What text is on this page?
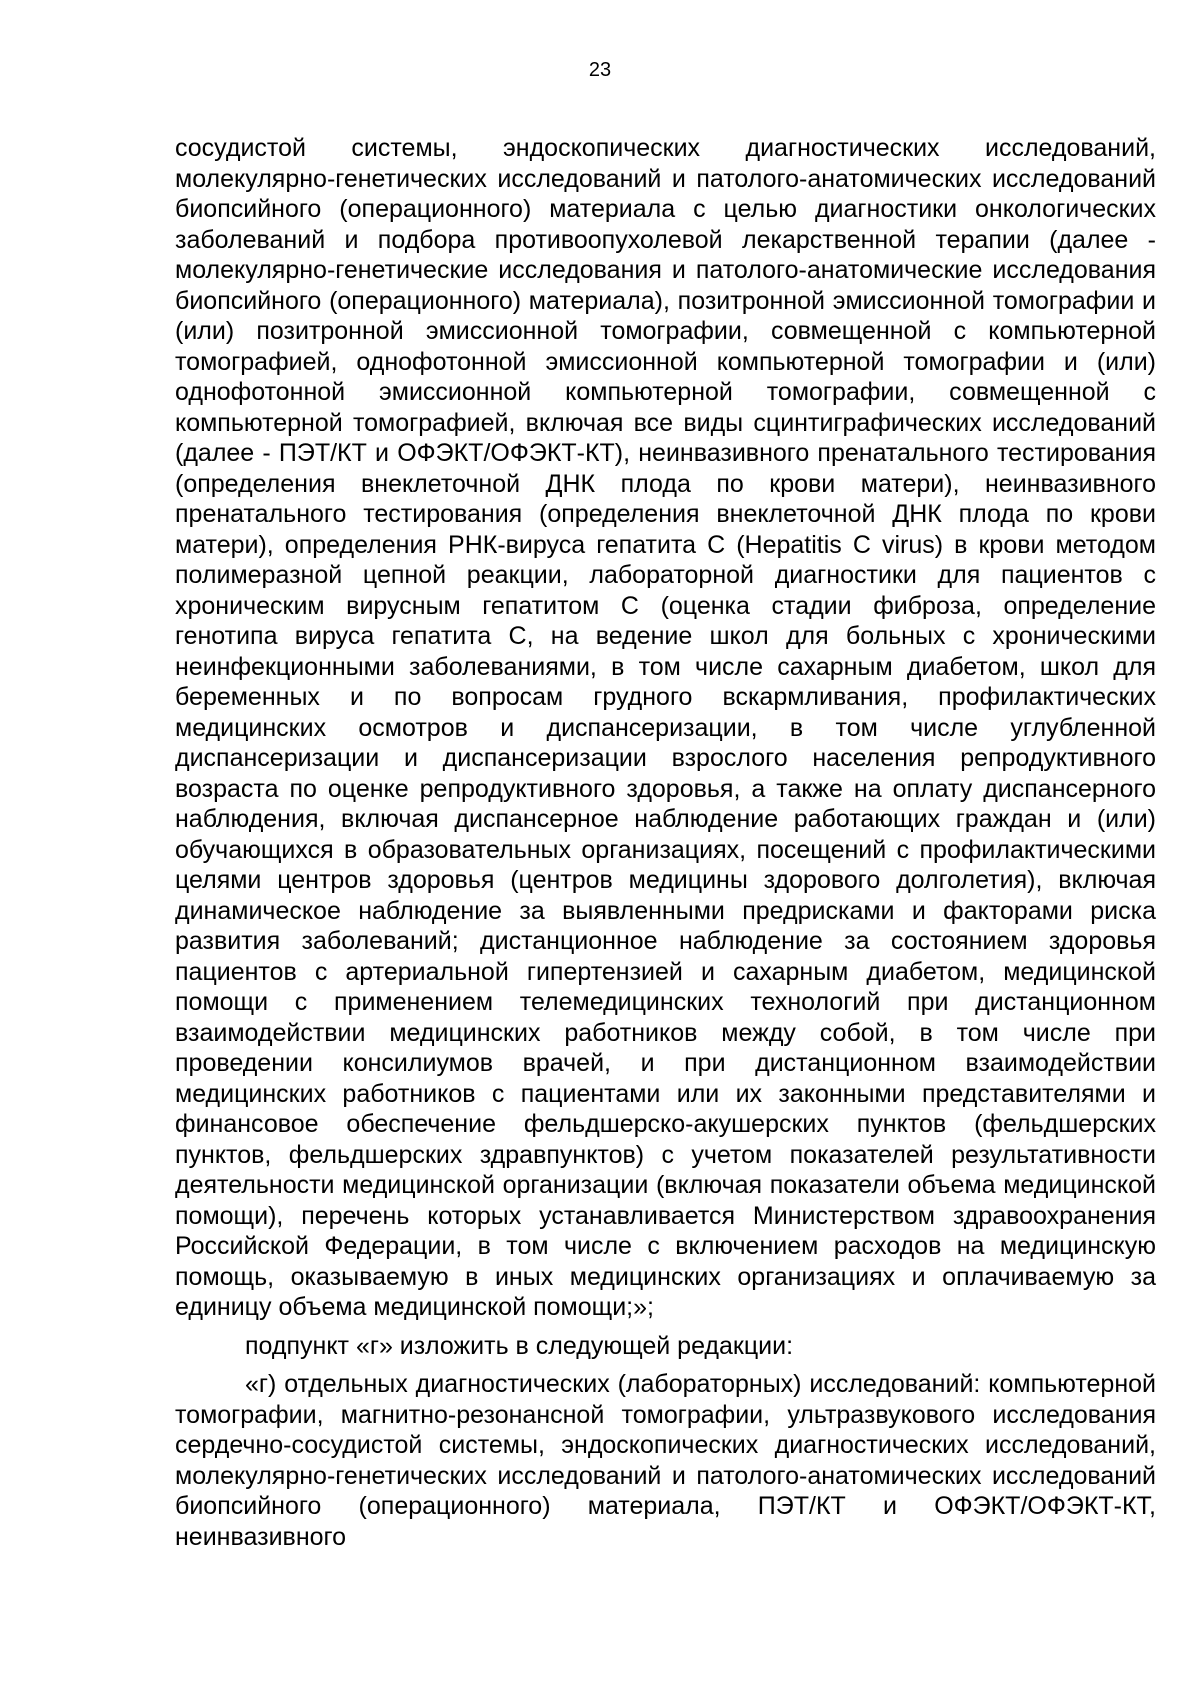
23

сосудистой системы, эндоскопических диагностических исследований, молекулярно-генетических исследований и патолого-анатомических исследований биопсийного (операционного) материала с целью диагностики онкологических заболеваний и подбора противоопухолевой лекарственной терапии (далее - молекулярно-генетические исследования и патолого-анатомические исследования биопсийного (операционного) материала), позитронной эмиссионной томографии и (или) позитронной эмиссионной томографии, совмещенной с компьютерной томографией, однофотонной эмиссионной компьютерной томографии и (или) однофотонной эмиссионной компьютерной томографии, совмещенной с компьютерной томографией, включая все виды сцинтиграфических исследований (далее - ПЭТ/КТ и ОФЭКТ/ОФЭКТ-КТ), неинвазивного пренатального тестирования (определения внеклеточной ДНК плода по крови матери), неинвазивного пренатального тестирования (определения внеклеточной ДНК плода по крови матери), определения РНК-вируса гепатита C (Hepatitis C virus) в крови методом полимеразной цепной реакции, лабораторной диагностики для пациентов с хроническим вирусным гепатитом C (оценка стадии фиброза, определение генотипа вируса гепатита C, на ведение школ для больных с хроническими неинфекционными заболеваниями, в том числе сахарным диабетом, школ для беременных и по вопросам грудного вскармливания, профилактических медицинских осмотров и диспансеризации, в том числе углубленной диспансеризации и диспансеризации взрослого населения репродуктивного возраста по оценке репродуктивного здоровья, а также на оплату диспансерного наблюдения, включая диспансерное наблюдение работающих граждан и (или) обучающихся в образовательных организациях, посещений с профилактическими целями центров здоровья (центров медицины здорового долголетия), включая динамическое наблюдение за выявленными предрисками и факторами риска развития заболеваний; дистанционное наблюдение за состоянием здоровья пациентов с артериальной гипертензией и сахарным диабетом, медицинской помощи с применением телемедицинских технологий при дистанционном взаимодействии медицинских работников между собой, в том числе при проведении консилиумов врачей, и при дистанционном взаимодействии медицинских работников с пациентами или их законными представителями и финансовое обеспечение фельдшерско-акушерских пунктов (фельдшерских пунктов, фельдшерских здравпунктов) с учетом показателей результативности деятельности медицинской организации (включая показатели объема медицинской помощи), перечень которых устанавливается Министерством здравоохранения Российской Федерации, в том числе с включением расходов на медицинскую помощь, оказываемую в иных медицинских организациях и оплачиваемую за единицу объема медицинской помощи;»;

подпункт «г» изложить в следующей редакции:

«г) отдельных диагностических (лабораторных) исследований: компьютерной томографии, магнитно-резонансной томографии, ультразвукового исследования сердечно-сосудистой системы, эндоскопических диагностических исследований, молекулярно-генетических исследований и патолого-анатомических исследований биопсийного (операционного) материала, ПЭТ/КТ и ОФЭКТ/ОФЭКТ-КТ, неинвазивного
